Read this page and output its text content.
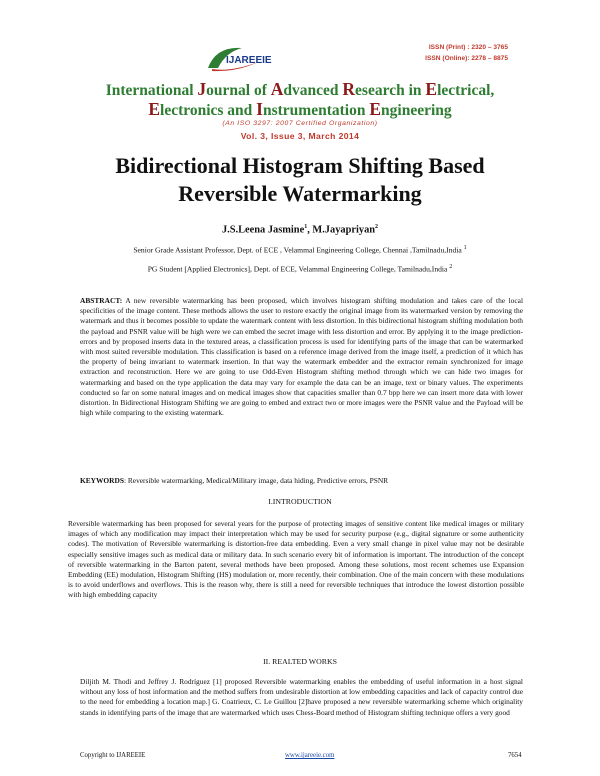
IJAREEIE
ISSN (Print) : 2320 – 3765
ISSN (Online): 2278 – 8875
International Journal of Advanced Research in Electrical,
Electronics and Instrumentation Engineering
(An ISO 3297: 2007 Certified Organization)
Vol. 3, Issue 3, March 2014
Bidirectional Histogram Shifting Based
Reversible Watermarking
J.S.Leena Jasmine$^1$, M.Jayapriyan$^2$
Senior Grade Assistant Professor, Dept. of ECE , Velammal Engineering College, Chennai ,Tamilnadu,India $^1$
PG Student [Applied Electronics], Dept. of ECE, Velammal Engineering College, Tamilnadu,India $^2$
ABSTRACT: A new reversible watermarking has been proposed, which involves histogram shifting modulation and takes care of the local specificities of the image content. These methods allows the user to restore exactly the original image from its watermarked version by removing the watermark and thus it becomes possible to update the watermark content with less distortion. In this bidirectional histogram shifting modulation both the payload and PSNR value will be high were we can embed the secret image with less distortion and error. By applying it to the image prediction-errors and by proposed inserts data in the textured areas, a classification process is used for identifying parts of the image that can be watermarked with most suited reversible modulation. This classification is based on a reference image derived from the image itself, a prediction of it which has the property of being invariant to watermark insertion. In that way the watermark embedder and the extractor remain synchronized for image extraction and reconstruction. Here we are going to use Odd-Even Histogram shifting method through which we can hide two images for watermarking and based on the type application the data may vary for example the data can be an image, text or binary values. The experiments conducted so far on some natural images and on medical images show that capacities smaller than 0.7 bpp here we can insert more data with lower distortion. In Bidirectional Histogram Shifting we are going to embed and extract two or more images were the PSNR value and the Payload will be high while comparing to the existing watermark.
KEYWORDS: Reversible watermarking, Medical/Military image, data hiding, Predictive errors, PSNR
I.INTRODUCTION
Reversible watermarking has been proposed for several years for the purpose of protecting images of sensitive content like medical images or military images of which any modification may impact their interpretation which may be used for security purpose (e.g., digital signature or some authenticity codes). The motivation of Reversible watermarking is distortion-free data embedding. Even a very small change in pixel value may not be desirable especially sensitive images such as medical data or military data. In such scenario every bit of information is important. The introduction of the concept of reversible watermarking in the Barton patent, several methods have been proposed. Among these solutions, most recent schemes use Expansion Embedding (EE) modulation, Histogram Shifting (HS) modulation or, more recently, their combination. One of the main concern with these modulations is to avoid underflows and overflows. This is the reason why, there is still a need for reversible techniques that introduce the lowest distortion possible with high embedding capacity
II. REALTED WORKS
Diljith M. Thodi and Jeffrey J. Rodríguez [1] proposed Reversible watermarking enables the embedding of useful information in a host signal without any loss of host information and the method suffers from undesirable distortion at low embedding capacities and lack of capacity control due to the need for embedding a location map.] G. Coatrieux, C. Le Guillou [2]have proposed a new reversible watermarking scheme which originality stands in identifying parts of the image that are watermarked which uses Chess-Board method of Histogram shifting technique offers a very good
Copyright to IJAREEIE	www.ijareeie.com	7654
